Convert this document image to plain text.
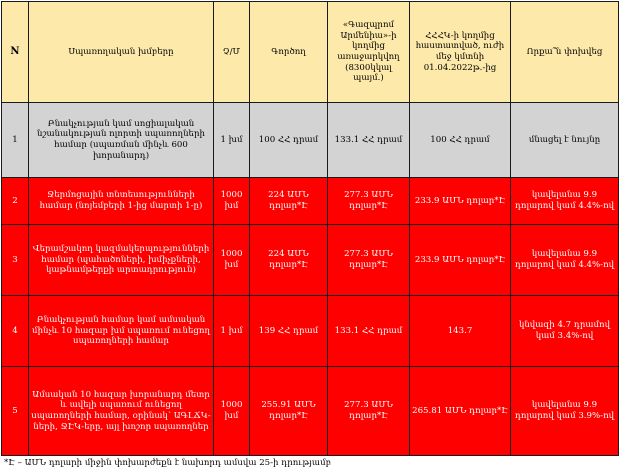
N	Սպառողական խմբերը	Չ/Մ	Գործող	«Գազպրոմ Արմենիա»-ի կողմից առաջարկվող (8300կկալ պայմ.)	ՀՀՀԿ-ի կողմից հաստատված, ուժի մեջ կմտնի 01.04.2022թ.-ից	Որքա՞ն փոխվեց
1	Բնակչության կամ սոցիալական նշանակության ոլորտի սպառողների համար (սպառման մինչև 600 խորանարդ)	1 խմ	100 ՀՀ դրամ	133.1 ՀՀ դրամ	100 ՀՀ դրամ	մնացել է նույնը
2	Ջերմոցային տնտեսությունների համար (նոյեմբերի 1-ից մարտի 1-ը)	1000 խմ	224 ԱՄՆ դոլար*Է	277.3 ԱՄՆ դոլար*Է	233.9 ԱՄՆ դոլար*Է	կավելանա 9.9 դոլարով կամ 4.4%-ով
3	Վերամշակող կազմակերպությունների համար (պահածոների, խմիչքների, կաթնամթերքի արտադրություն)	1000 խմ	224 ԱՄՆ դոլար*Է	277.3 ԱՄՆ դոլար*Է	233.9 ԱՄՆ դոլար*Է	կավելանա 9.9 դոլարով կամ 4.4%-ով
4	Բնակչության համար կամ ամսական մինչև 10 հազար խմ սպառում ունեցող սպառողների համար	1 խմ	139 ՀՀ դրամ	133.1 ՀՀ դրամ	143.7	կնվազի 4.7 դրամով կամ 3.4%-ով
5	Ամսական 10 հազար խորանարդ մետր և ավելի սպառում ունեցող սպառողների համար, օրինակ՝ ԱԳԼՃԿ-ների, ՋԷԿ-երը, այլ խոշոր սպառողներ	1000 խմ	255.91 ԱՄՆ դոլար*Է	277.3 ԱՄՆ դոլար*Է	265.81 ԱՄՆ դոլար*Է	կավելանա 9.9 դոլարով կամ 3.9%-ով
*Է – ԱՄՆ դոլարի միջին փոխարժեքն է նախորդ ամսվա 25-ի դրությամբ
